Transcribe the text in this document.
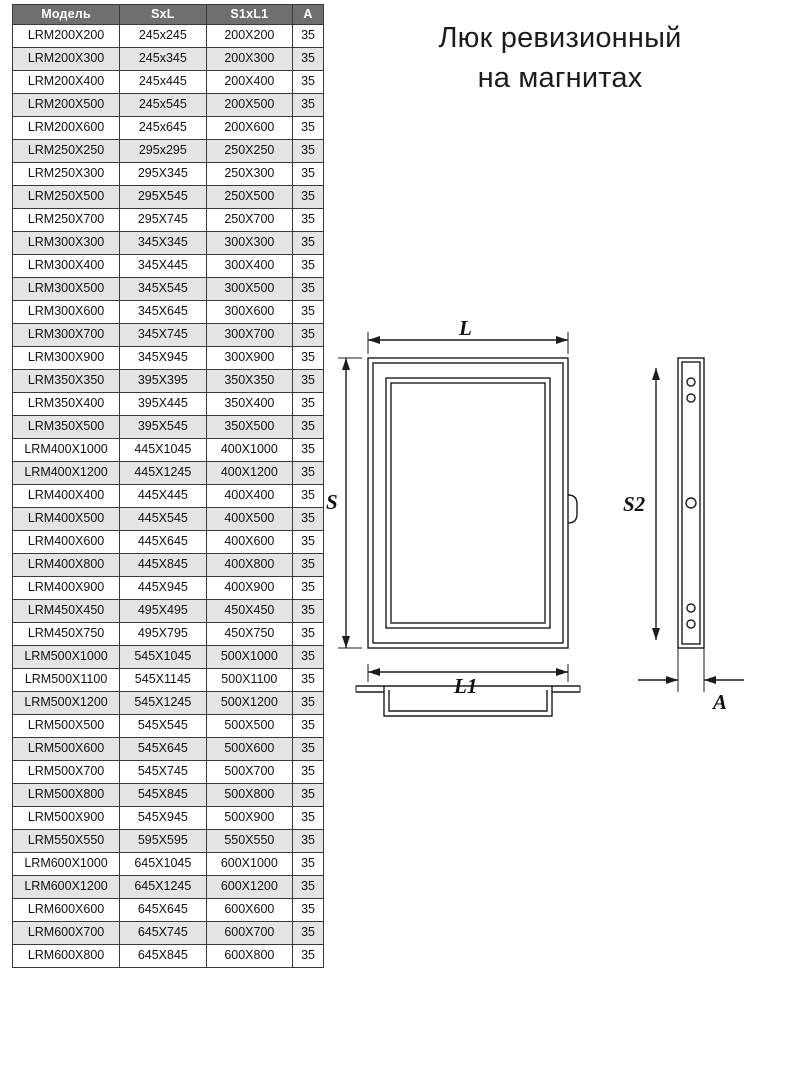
Модель	SxL	S1xL1	A
LRM200X200	245x245	200X200	35
LRM200X300	245x345	200X300	35
LRM200X400	245x445	200X400	35
LRM200X500	245x545	200X500	35
LRM200X600	245x645	200X600	35
LRM250X250	295x295	250X250	35
LRM250X300	295X345	250X300	35
LRM250X500	295X545	250X500	35
LRM250X700	295X745	250X700	35
LRM300X300	345X345	300X300	35
LRM300X400	345X445	300X400	35
LRM300X500	345X545	300X500	35
LRM300X600	345X645	300X600	35
LRM300X700	345X745	300X700	35
LRM300X900	345X945	300X900	35
LRM350X350	395X395	350X350	35
LRM350X400	395X445	350X400	35
LRM350X500	395X545	350X500	35
LRM400X1000	445X1045	400X1000	35
LRM400X1200	445X1245	400X1200	35
LRM400X400	445X445	400X400	35
LRM400X500	445X545	400X500	35
LRM400X600	445X645	400X600	35
LRM400X800	445X845	400X800	35
LRM400X900	445X945	400X900	35
LRM450X450	495X495	450X450	35
LRM450X750	495X795	450X750	35
LRM500X1000	545X1045	500X1000	35
LRM500X1100	545X1145	500X1100	35
LRM500X1200	545X1245	500X1200	35
LRM500X500	545X545	500X500	35
LRM500X600	545X645	500X600	35
LRM500X700	545X745	500X700	35
LRM500X800	545X845	500X800	35
LRM500X900	545X945	500X900	35
LRM550X550	595X595	550X550	35
LRM600X1000	645X1045	600X1000	35
LRM600X1200	645X1245	600X1200	35
LRM600X600	645X645	600X600	35
LRM600X700	645X745	600X700	35
LRM600X800	645X845	600X800	35
Люк ревизионный
на магнитах
L
S
L1
S2
A
